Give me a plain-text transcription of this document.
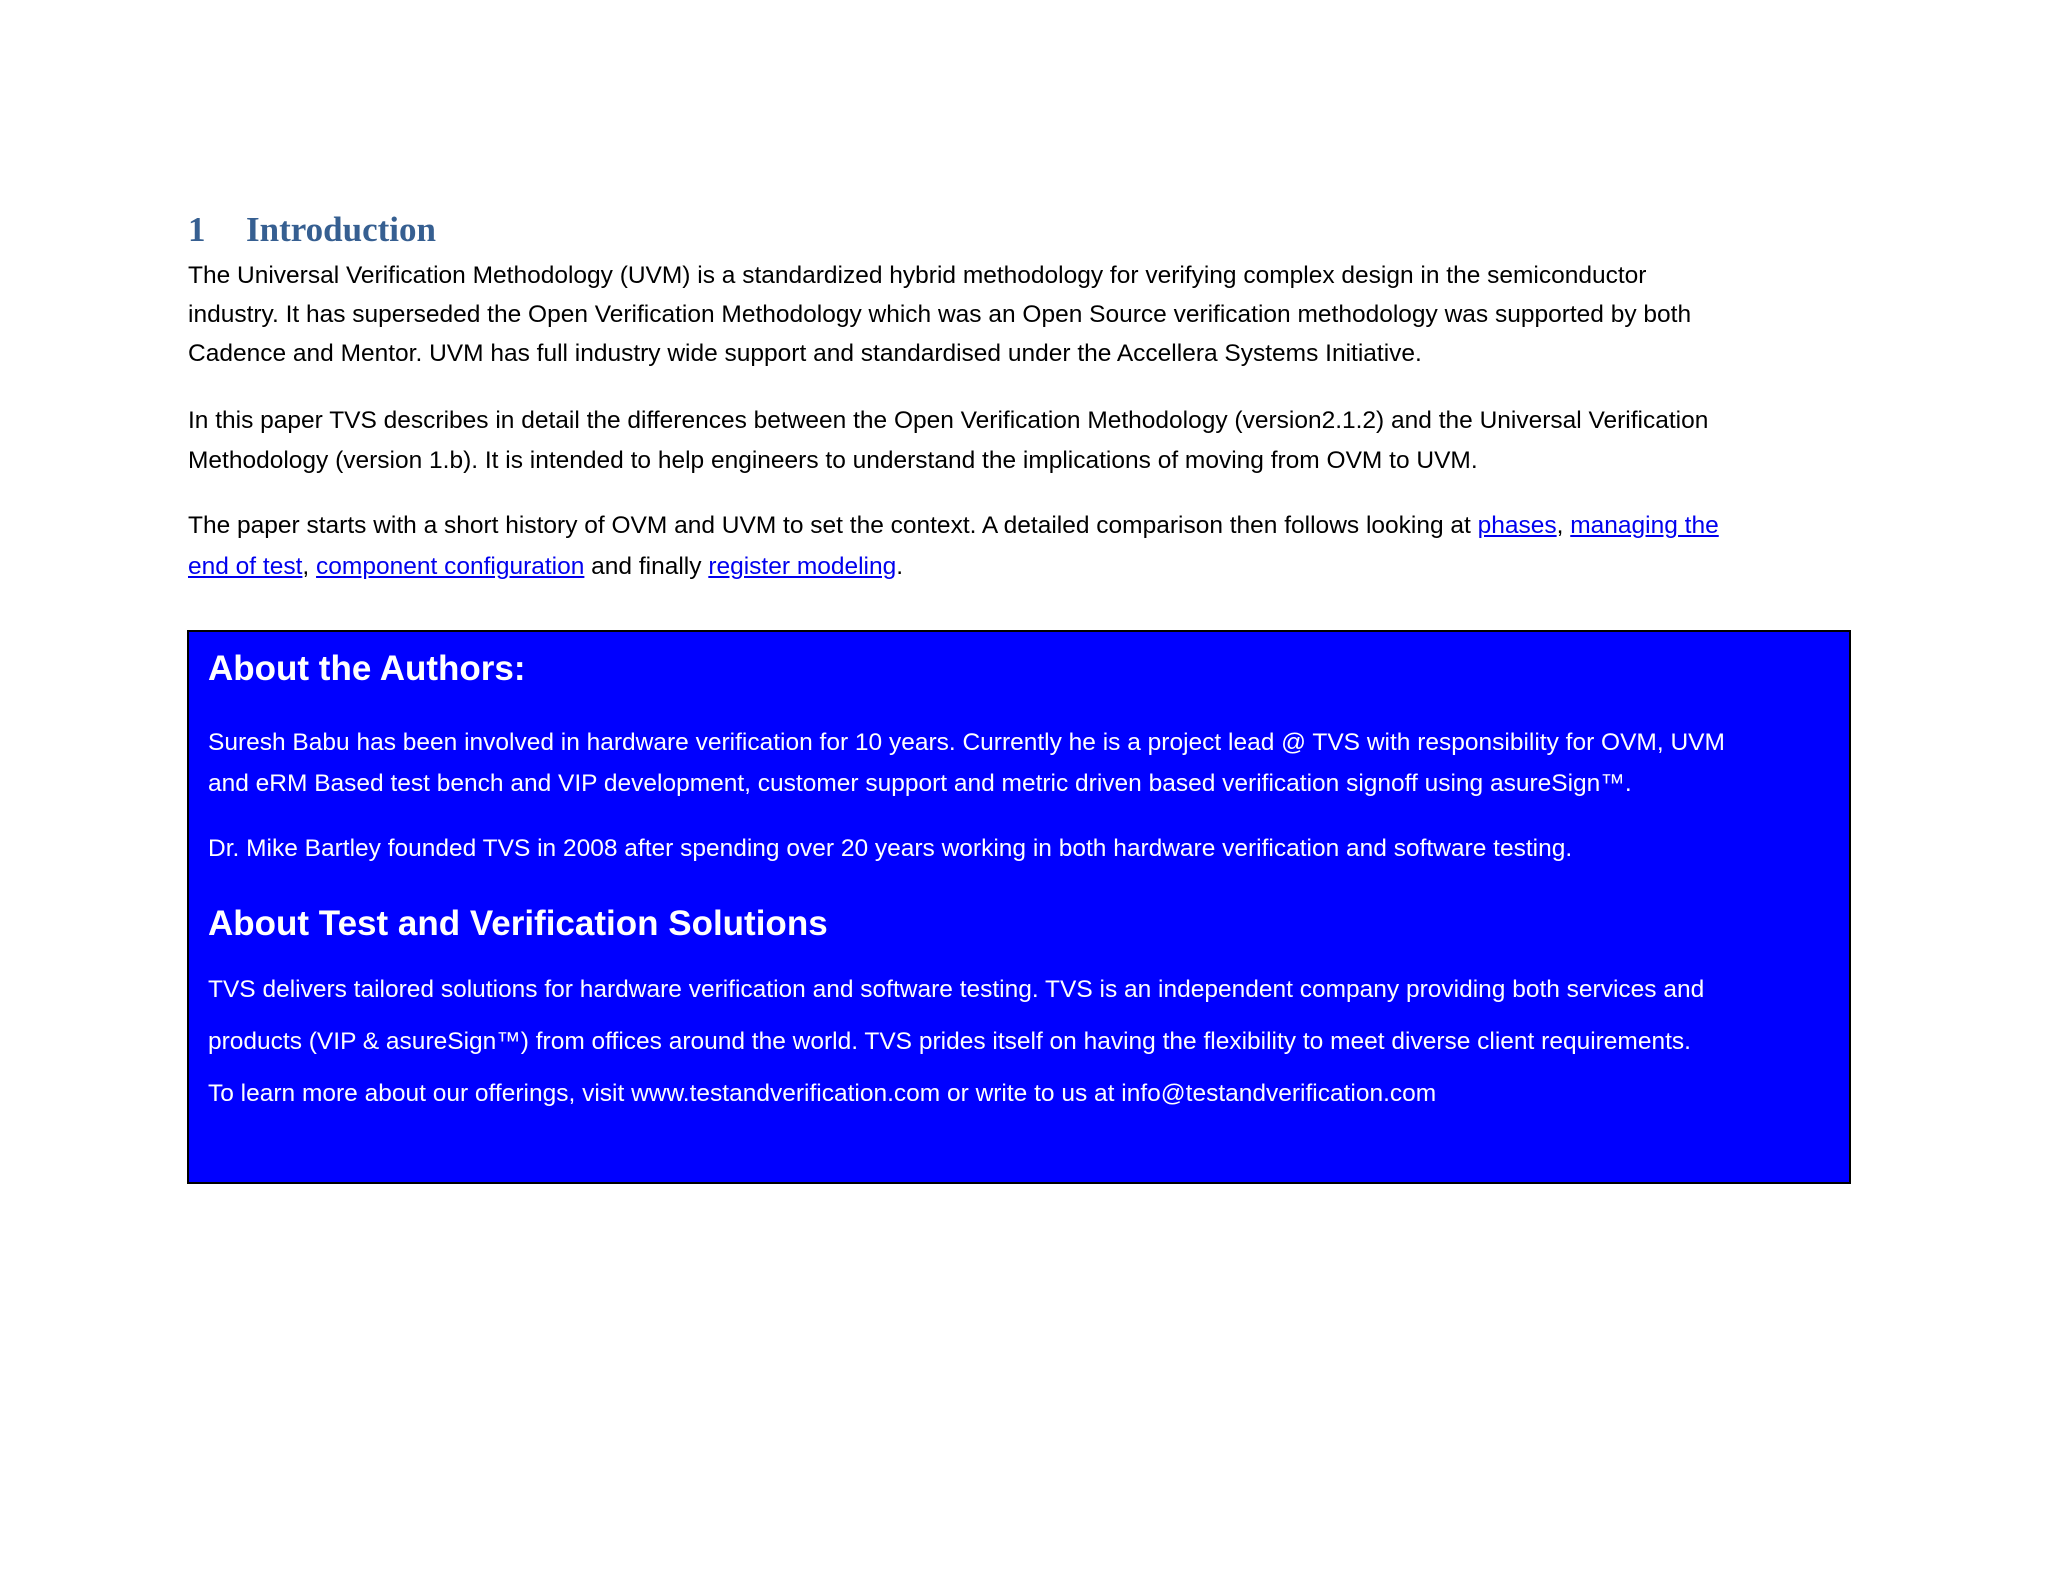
1 Introduction
The Universal Verification Methodology (UVM) is a standardized hybrid methodology for verifying complex design in the semiconductor
industry. It has superseded the Open Verification Methodology which was an Open Source verification methodology was supported by both
Cadence and Mentor. UVM has full industry wide support and standardised under the Accellera Systems Initiative.
In this paper TVS describes in detail the differences between the Open Verification Methodology (version2.1.2) and the Universal Verification
Methodology (version 1.b). It is intended to help engineers to understand the implications of moving from OVM to UVM.
The paper starts with a short history of OVM and UVM to set the context. A detailed comparison then follows looking at phases, managing the
end of test, component configuration and finally register modeling.
About the Authors:
Suresh Babu has been involved in hardware verification for 10 years. Currently he is a project lead @ TVS with responsibility for OVM, UVM
and eRM Based test bench and VIP development, customer support and metric driven based verification signoff using asureSign™.
Dr. Mike Bartley founded TVS in 2008 after spending over 20 years working in both hardware verification and software testing.
About Test and Verification Solutions
TVS delivers tailored solutions for hardware verification and software testing. TVS is an independent company providing both services and
products (VIP & asureSign™) from offices around the world. TVS prides itself on having the flexibility to meet diverse client requirements.
To learn more about our offerings, visit www.testandverification.com or write to us at info@testandverification.com
